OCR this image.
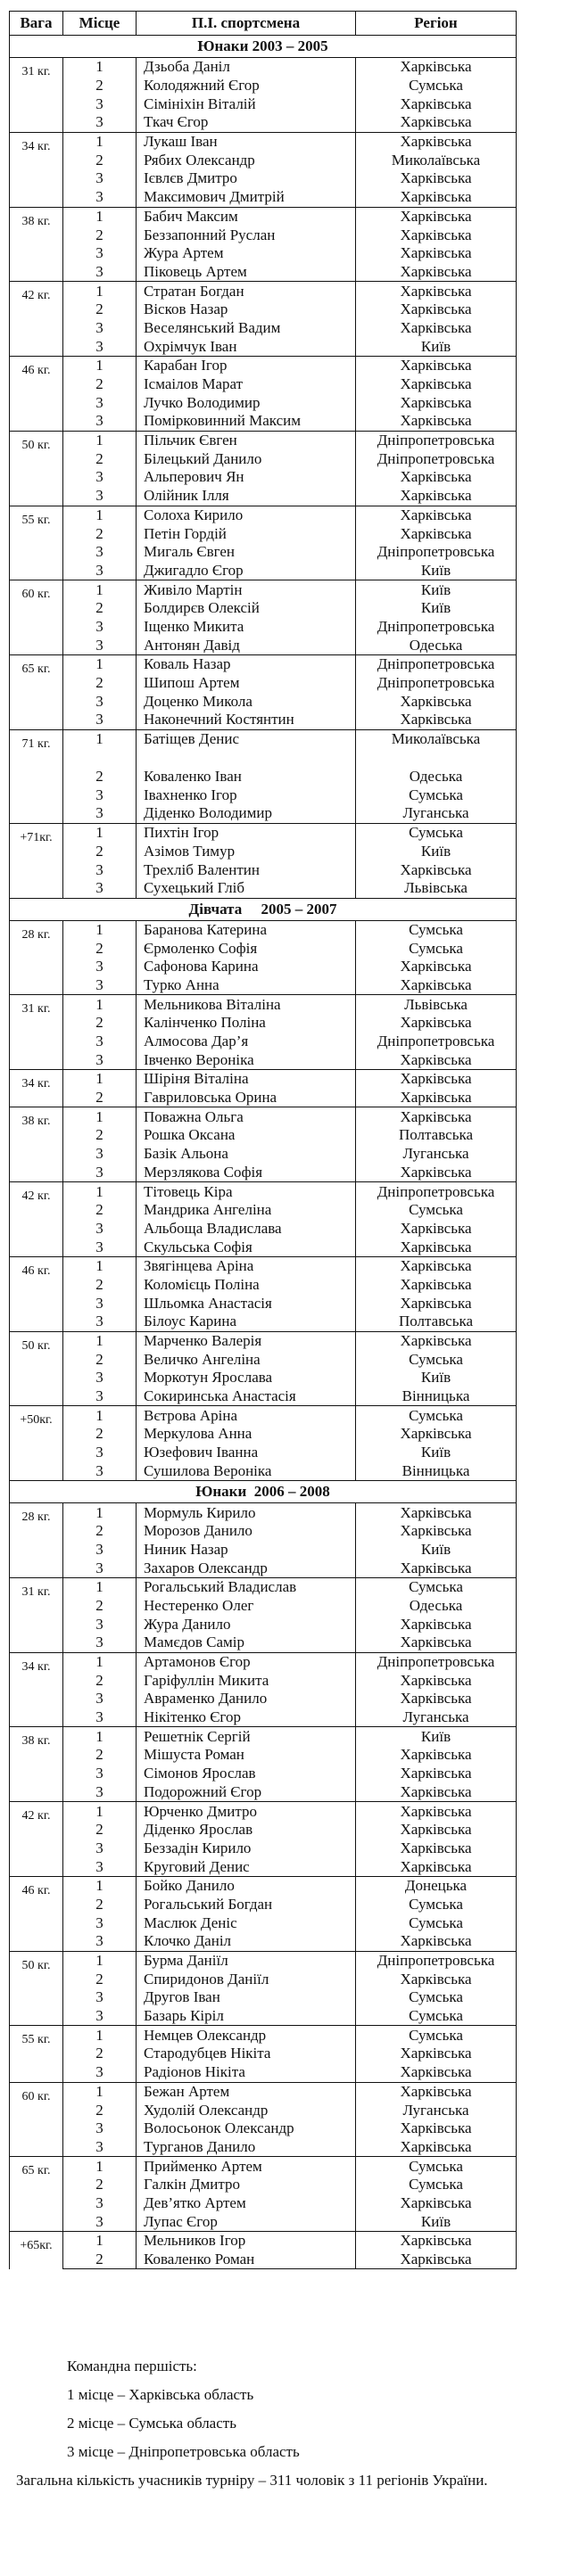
Вага	Місце	П.І. спортсмена	Регіон
Юнаки 2003 – 2005			
31 кг.	1	Дзьоба Даніл	Харківська
	2	Колодяжний Єгор	Сумська
	3	Сімініхін Віталій	Харківська
	3	Ткач Єгор	Харківська
34 кг.	1	Лукаш Іван	Харківська
	2	Рябих Олександр	Миколаївська
	3	Ієвлєв Дмитро	Харківська
	3	Максимович Дмитрій	Харківська
38 кг.	1	Бабич Максим	Харківська
	2	Беззапонний Руслан	Харківська
	3	Жура Артем	Харківська
	3	Піковець Артем	Харківська
42 кг.	1	Стратан Богдан	Харківська
	2	Вісков Назар	Харківська
	3	Веселянський Вадим	Харківська
	3	Охрімчук Іван	Київ
46 кг.	1	Карабан Ігор	Харківська
	2	Ісмаілов Марат	Харківська
	3	Лучко Володимир	Харківська
	3	Помірковинний Максим	Харківська
50 кг.	1	Пільчик Євген	Дніпропетровська
	2	Білецький Данило	Дніпропетровська
	3	Альперович Ян	Харківська
	3	Олійник Ілля	Харківська
55 кг.	1	Солоха Кирило	Харківська
	2	Петін Гордій	Харківська
	3	Мигаль Євген	Дніпропетровська
	3	Джигадло Єгор	Київ
60 кг.	1	Живіло Мартін	Київ
	2	Болдирєв Олексій	Київ
	3	Іщенко Микита	Дніпропетровська
	3	Антонян Давід	Одеська
65 кг.	1	Коваль Назар	Дніпропетровська
	2	Шипош Артем	Дніпропетровська
	3	Доценко Микола	Харківська
	3	Наконечний Костянтин	Харківська
71 кг.	1	Батіщев Денис	Миколаївська
	2	Коваленко Іван	Одеська
	3	Івахненко Ігор	Сумська
	3	Діденко Володимир	Луганська
+71кг.	1	Пихтін Ігор	Сумська
	2	Азімов Тимур	Київ
	3	Трехліб Валентин	Харківська
	3	Сухецький Гліб	Львівська
Дівчата     2005 – 2007			
28 кг.	1	Баранова Катерина	Сумська
	2	Єрмоленко Софія	Сумська
	3	Сафонова Карина	Харківська
	3	Турко Анна	Харківська
31 кг.	1	Мельникова Віталіна	Львівська
	2	Калінченко Поліна	Харківська
	3	Алмосова Дар’я	Дніпропетровська
	3	Івченко Вероніка	Харківська
34 кг.	1	Шіріня Віталіна	Харківська
	2	Гавриловська Орина	Харківська
38 кг.	1	Поважна Ольга	Харківська
	2	Рошка Оксана	Полтавська
	3	Базік Альона	Луганська
	3	Мерзлякова Софія	Харківська
42 кг.	1	Тітовець Кіра	Дніпропетровська
	2	Мандрика Ангеліна	Сумська
	3	Альбоща Владислава	Харківська
	3	Скульська Софія	Харківська
46 кг.	1	Звягінцева Аріна	Харківська
	2	Коломієць Поліна	Харківська
	3	Шльомка Анастасія	Харківська
	3	Білоус Карина	Полтавська
50 кг.	1	Марченко Валерія	Харківська
	2	Величко Ангеліна	Сумська
	3	Моркотун Ярослава	Київ
	3	Сокиринська Анастасія	Вінницька
+50кг.	1	Вєтрова Аріна	Сумська
	2	Меркулова Анна	Харківська
	3	Юзефович Іванна	Київ
	3	Сушилова Вероніка	Вінницька
Юнаки  2006 – 2008			
28 кг.	1	Мормуль Кирило	Харківська
	2	Морозов Данило	Харківська
	3	Ниник Назар	Київ
	3	Захаров Олександр	Харківська
31 кг.	1	Рогальський Владислав	Сумська
	2	Нестеренко Олег	Одеська
	3	Жура Данило	Харківська
	3	Мамєдов Самір	Харківська
34 кг.	1	Артамонов Єгор	Дніпропетровська
	2	Гаріфуллін Микита	Харківська
	3	Авраменко Данило	Харківська
	3	Нікітенко Єгор	Луганська
38 кг.	1	Решетнік Сергій	Київ
	2	Мішуста Роман	Харківська
	3	Сімонов Ярослав	Харківська
	3	Подорожний Єгор	Харківська
42 кг.	1	Юрченко Дмитро	Харківська
	2	Діденко Ярослав	Харківська
	3	Беззадін Кирило	Харківська
	3	Круговий Денис	Харківська
46 кг.	1	Бойко Данило	Донецька
	2	Рогальський Богдан	Сумська
	3	Маслюк Деніс	Сумська
	3	Клочко Даніл	Харківська
50 кг.	1	Бурма Даніїл	Дніпропетровська
	2	Спиридонов Даніїл	Харківська
	3	Другов Іван	Сумська
	3	Базарь Кіріл	Сумська
55 кг.	1	Немцев Олександр	Сумська
	2	Стародубцев Нікіта	Харківська
	3	Радіонов Нікіта	Харківська
60 кг.	1	Бежан Артем	Харківська
	2	Худолій Олександр	Луганська
	3	Волосьонок Олександр	Харківська
	3	Турганов Данило	Харківська
65 кг.	1	Прийменко Артем	Сумська
	2	Галкін Дмитро	Сумська
	3	Дев’ятко Артем	Харківська
	3	Лупас Єгор	Київ
+65кг.	1	Мельников Ігор	Харківська
	2	Коваленко Роман	Харківська
Командна першість:
1 місце – Харківська область
2 місце – Сумська область
3 місце – Дніпропетровська область
Загальна кількість учасників турніру – 311 чоловік з 11 регіонів України.
